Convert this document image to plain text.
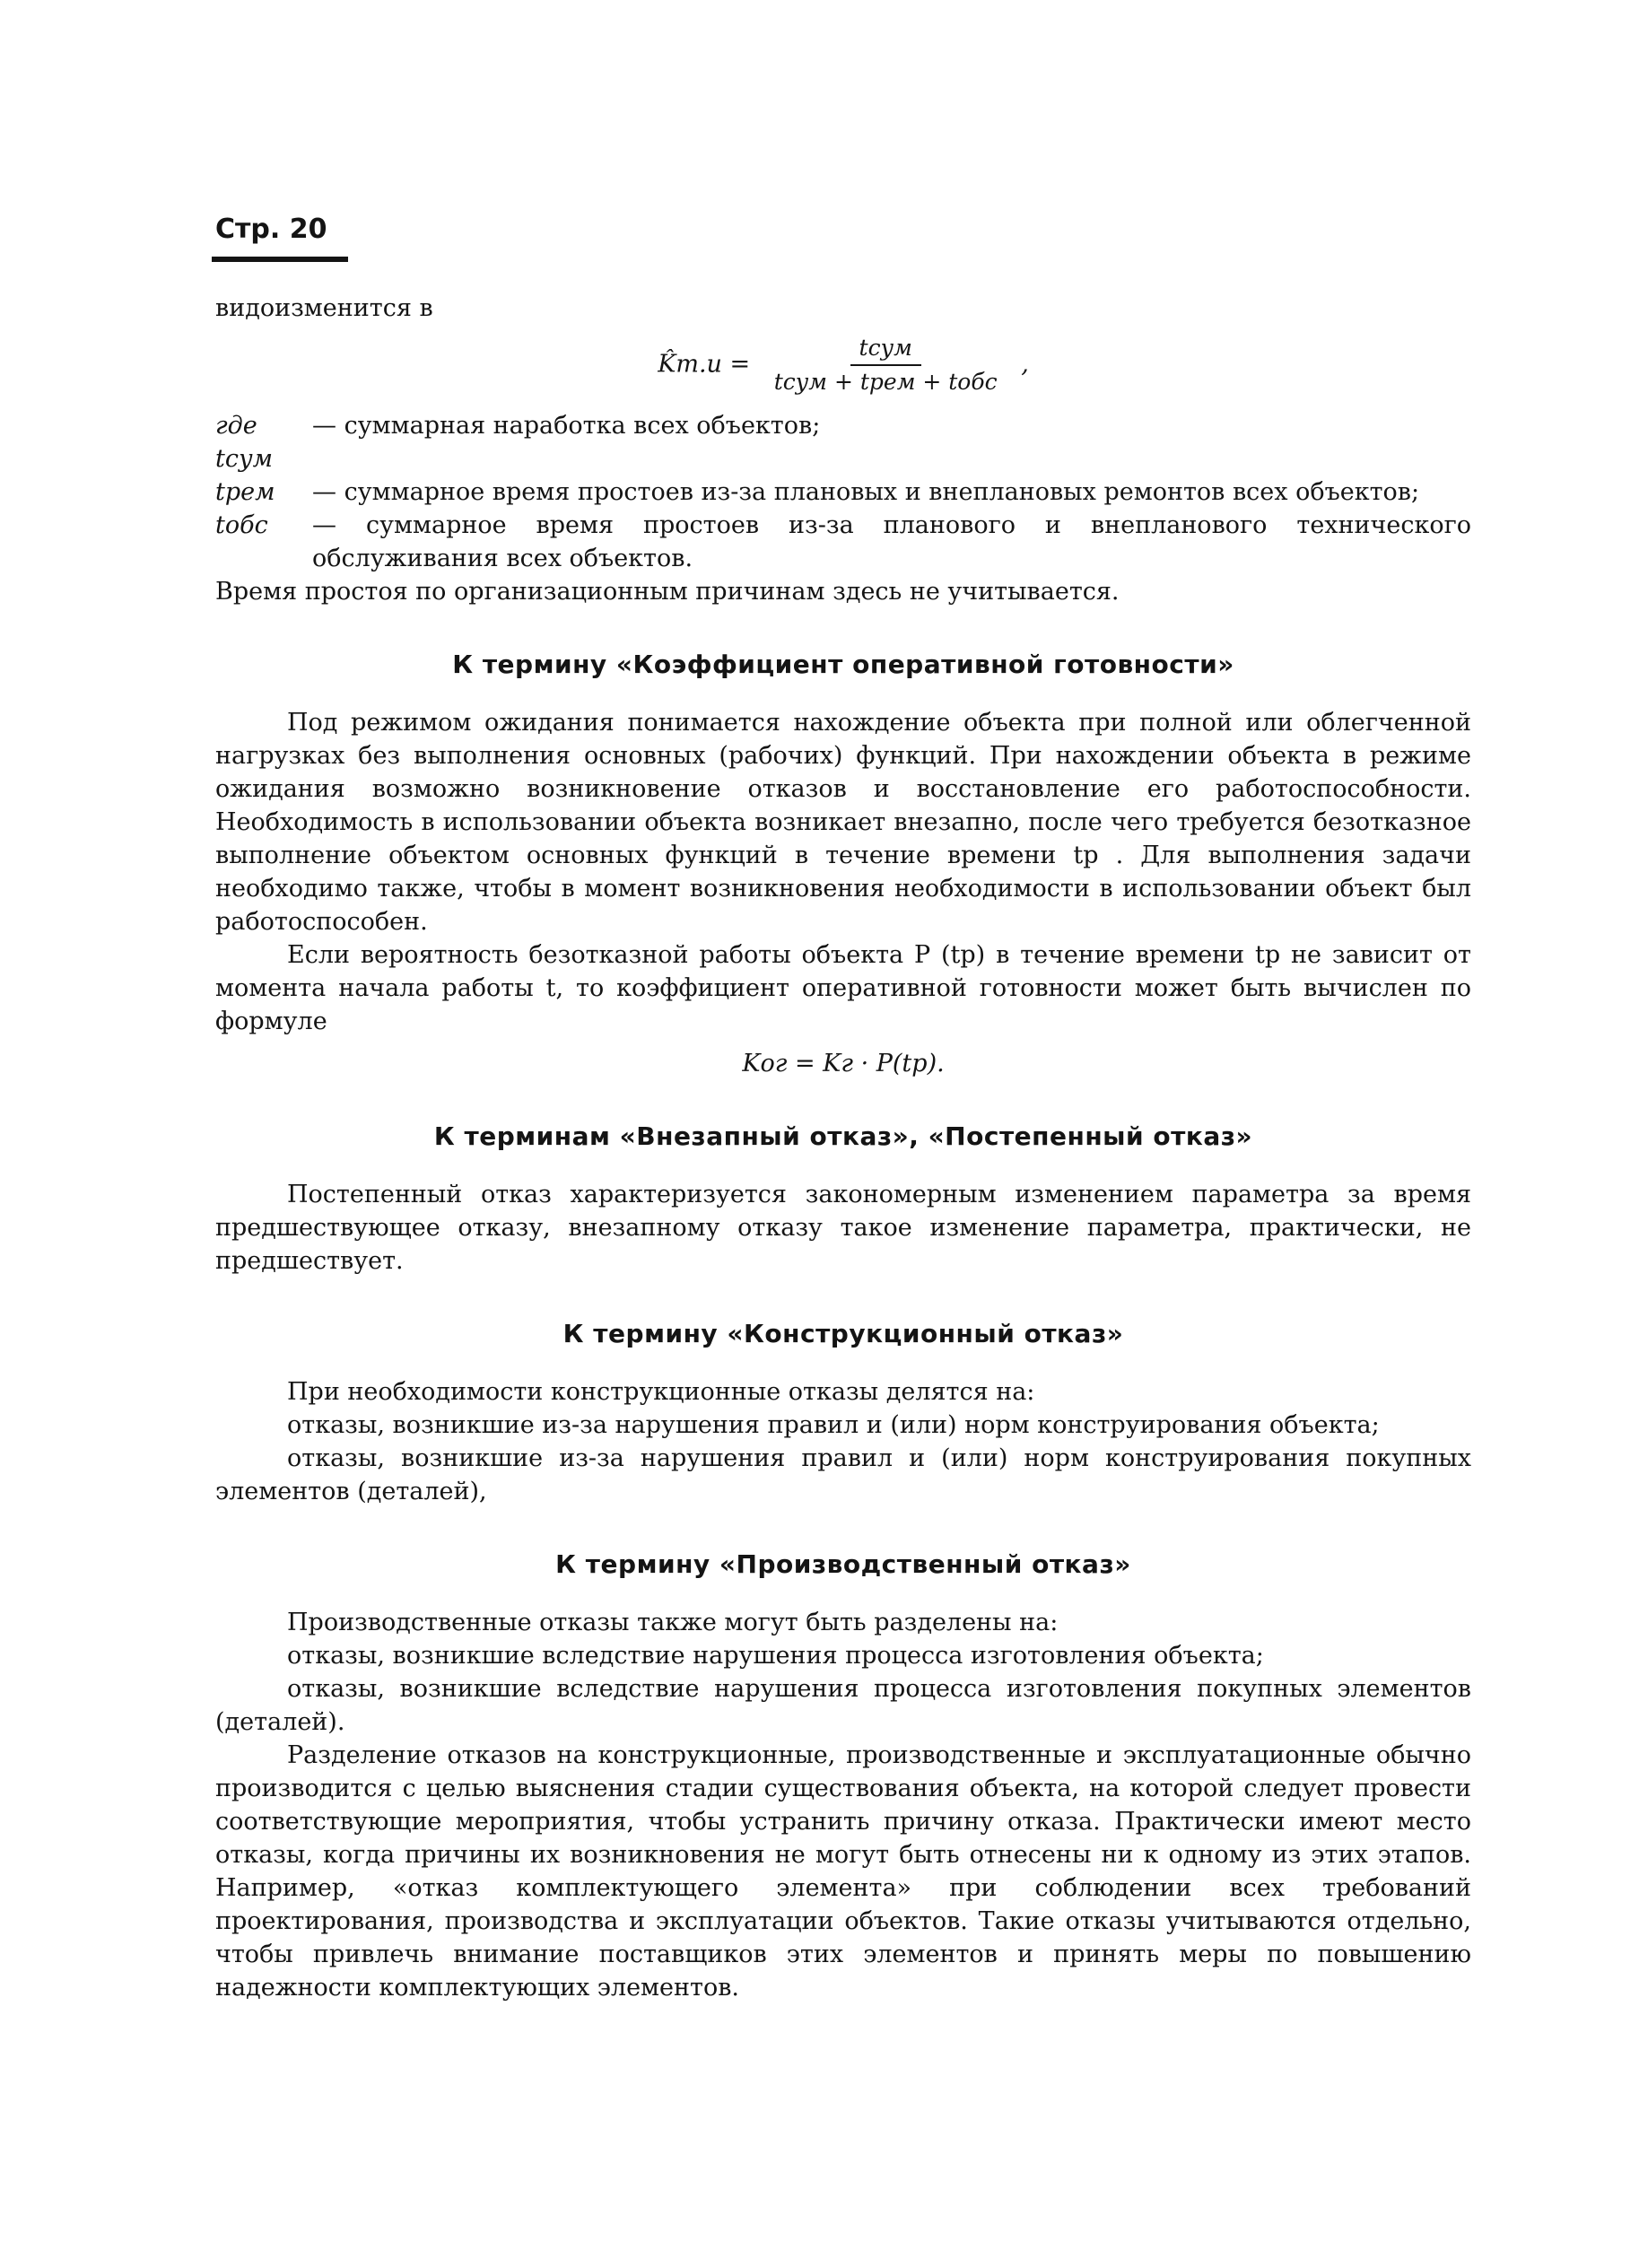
Стр. 20

видоизменится в

K̂т.и = $\frac{\text{tсум}}{\text{tсум + tрем + tобс}}$ ,
где tсум
— суммарная наработка всех объектов;
tрем	— суммарное время простоев из-за плановых и внеплановых ремонтов всех объектов;
tобс	— суммарное время простоев из-за планового и внепланового технического обслуживания всех объектов.

Время простоя по организационным причинам здесь не учитывается.

К термину «Коэффициент оперативной готовности»

Под режимом ожидания понимается нахождение объекта при полной или облегченной нагрузках без выполнения основных (рабочих) функций. При нахождении объекта в режиме ожидания возможно возникновение отказов и восстановление его работоспособности. Необходимость в использовании объекта возникает внезапно, после чего требуется безотказное выполнение объектом основных функций в течение времени tр . Для выполнения задачи необходимо также, чтобы в момент возникновения необходимости в использовании объект был работоспособен.

Если вероятность безотказной работы объекта P (tр) в течение времени tр не зависит от момента начала работы t, то коэффициент оперативной готовности может быть вычислен по формуле

Kог = Kг · P(tр).
К терминам «Внезапный отказ», «Постепенный отказ»

Постепенный отказ характеризуется закономерным изменением параметра за время предшествующее отказу, внезапному отказу такое изменение параметра, практически, не предшествует.

К термину «Конструкционный отказ»

При необходимости конструкционные отказы делятся на:

отказы, возникшие из-за нарушения правил и (или) норм конструирования объекта;

отказы, возникшие из-за нарушения правил и (или) норм конструирования покупных элементов (деталей),

К термину «Производственный отказ»

Производственные отказы также могут быть разделены на:

отказы, возникшие вследствие нарушения процесса изготовления объекта;

отказы, возникшие вследствие нарушения процесса изготовления покупных элементов (деталей).

Разделение отказов на конструкционные, производственные и эксплуатационные обычно производится с целью выяснения стадии существования объекта, на которой следует провести соответствующие мероприятия, чтобы устранить причину отказа. Практически имеют место отказы, когда причины их возникновения не могут быть отнесены ни к одному из этих этапов. Например, «отказ комплектующего элемента» при соблюдении всех требований проектирования, производства и эксплуатации объектов. Такие отказы учитываются отдельно, чтобы привлечь внимание поставщиков этих элементов и принять меры по повышению надежности комплектующих элементов.
